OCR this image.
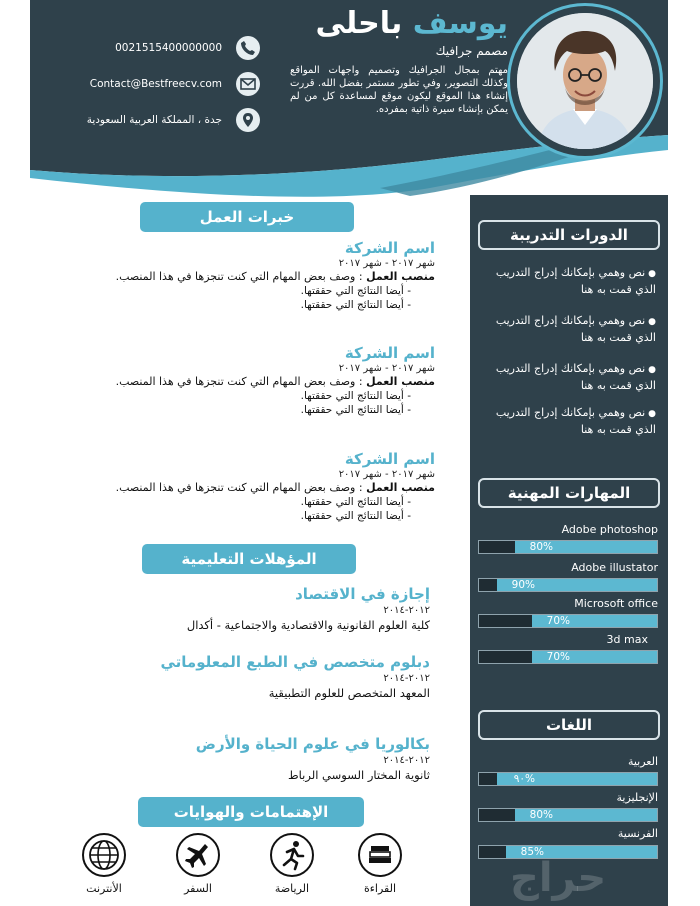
يوسف باحلى
مصمم جرافيك
مهتم بمجال الجرافيك وتصميم واجهات المواقع وكذلك التصوير، وفي تطور مستمر بفضل الله. قررت إنشاء هذا الموقع ليكون موقع لمساعدة كل من لم يمكن بإنشاء سيرة ذاتية بمفرده.
0021515400000000
Contact@Bestfreecv.com
جدة ، المملكة العربية السعودية
الدورات التدريبة
●نص وهمي بإمكانك إدراج التدريب الذي قمت به هنا
●نص وهمي بإمكانك إدراج التدريب الذي قمت به هنا
●نص وهمي بإمكانك إدراج التدريب الذي قمت به هنا
●نص وهمي بإمكانك إدراج التدريب الذي قمت به هنا
المهارات المهنية
Adobe photoshop
80%
Adobe illustator
90%
Microsoft office
70%
3d max
70%
اللغات
العربية
٩٠%
الإنجليزية
80%
الفرنسية
85%
حراج
خبرات العمل
اسم الشركة
شهر ٢٠١٧ - شهر ٢٠١٧
منصب العمل : وصف بعض المهام التي كنت تنجزها في هذا المنصب.
- أيضا النتائج التي حققتها.
- أيضا النتائج التي حققتها.
اسم الشركة
شهر ٢٠١٧ - شهر ٢٠١٧
منصب العمل : وصف بعض المهام التي كنت تنجزها في هذا المنصب.
- أيضا النتائج التي حققتها.
- أيضا النتائج التي حققتها.
اسم الشركة
شهر ٢٠١٧ - شهر ٢٠١٧
منصب العمل : وصف بعض المهام التي كنت تنجزها في هذا المنصب.
- أيضا النتائج التي حققتها.
- أيضا النتائج التي حققتها.
المؤهلات التعليمية
إجازة في الاقتصاد
٢٠١٢-٢٠١٤
كلية العلوم القانونية والاقتصادية والاجتماعية - أكدال
دبلوم متخصص في الطبع المعلوماتي
٢٠١٢-٢٠١٤
المعهد المتخصص للعلوم التطبيقية
بكالوريا في علوم الحياة والأرض
٢٠١٢-٢٠١٤
ثانوية المختار السوسي الرباط
الإهتمامات والهوايات
القراءة
الرياضة
السفر
الأنترنت
